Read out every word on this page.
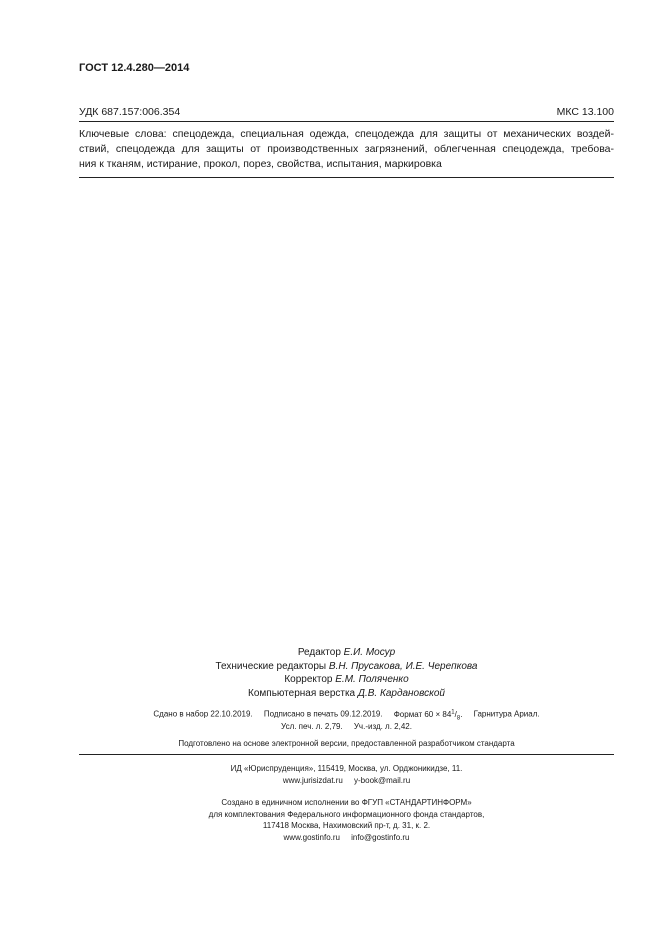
ГОСТ 12.4.280—2014
УДК 687.157:006.354	МКС 13.100
Ключевые слова: спецодежда, специальная одежда, спецодежда для защиты от механических воздей-
ствий, спецодежда для защиты от производственных загрязнений, облегченная спецодежда, требова-
ния к тканям, истирание, прокол, порез, свойства, испытания, маркировка
Редактор Е.И. Мосур
Технические редакторы В.Н. Прусакова, И.Е. Черепкова
Корректор Е.М. Поляченко
Компьютерная верстка Д.В. Кардановской
Сдано в набор 22.10.2019. Подписано в печать 09.12.2019. Формат $60 \times 84^1/_8$. Гарнитура Ариал.
Усл. печ. л. 2,79. Уч.-изд. л. 2,42.
Подготовлено на основе электронной версии, предоставленной разработчиком стандарта
ИД «Юриспруденция», 115419, Москва, ул. Орджоникидзе, 11.
www.jurisizdat.ru y-book@mail.ru
Создано в единичном исполнении во ФГУП «СТАНДАРТИНФОРМ»
для комплектования Федерального информационного фонда стандартов,
117418 Москва, Нахимовский пр-т, д. 31, к. 2.
www.gostinfo.ru info@gostinfo.ru
